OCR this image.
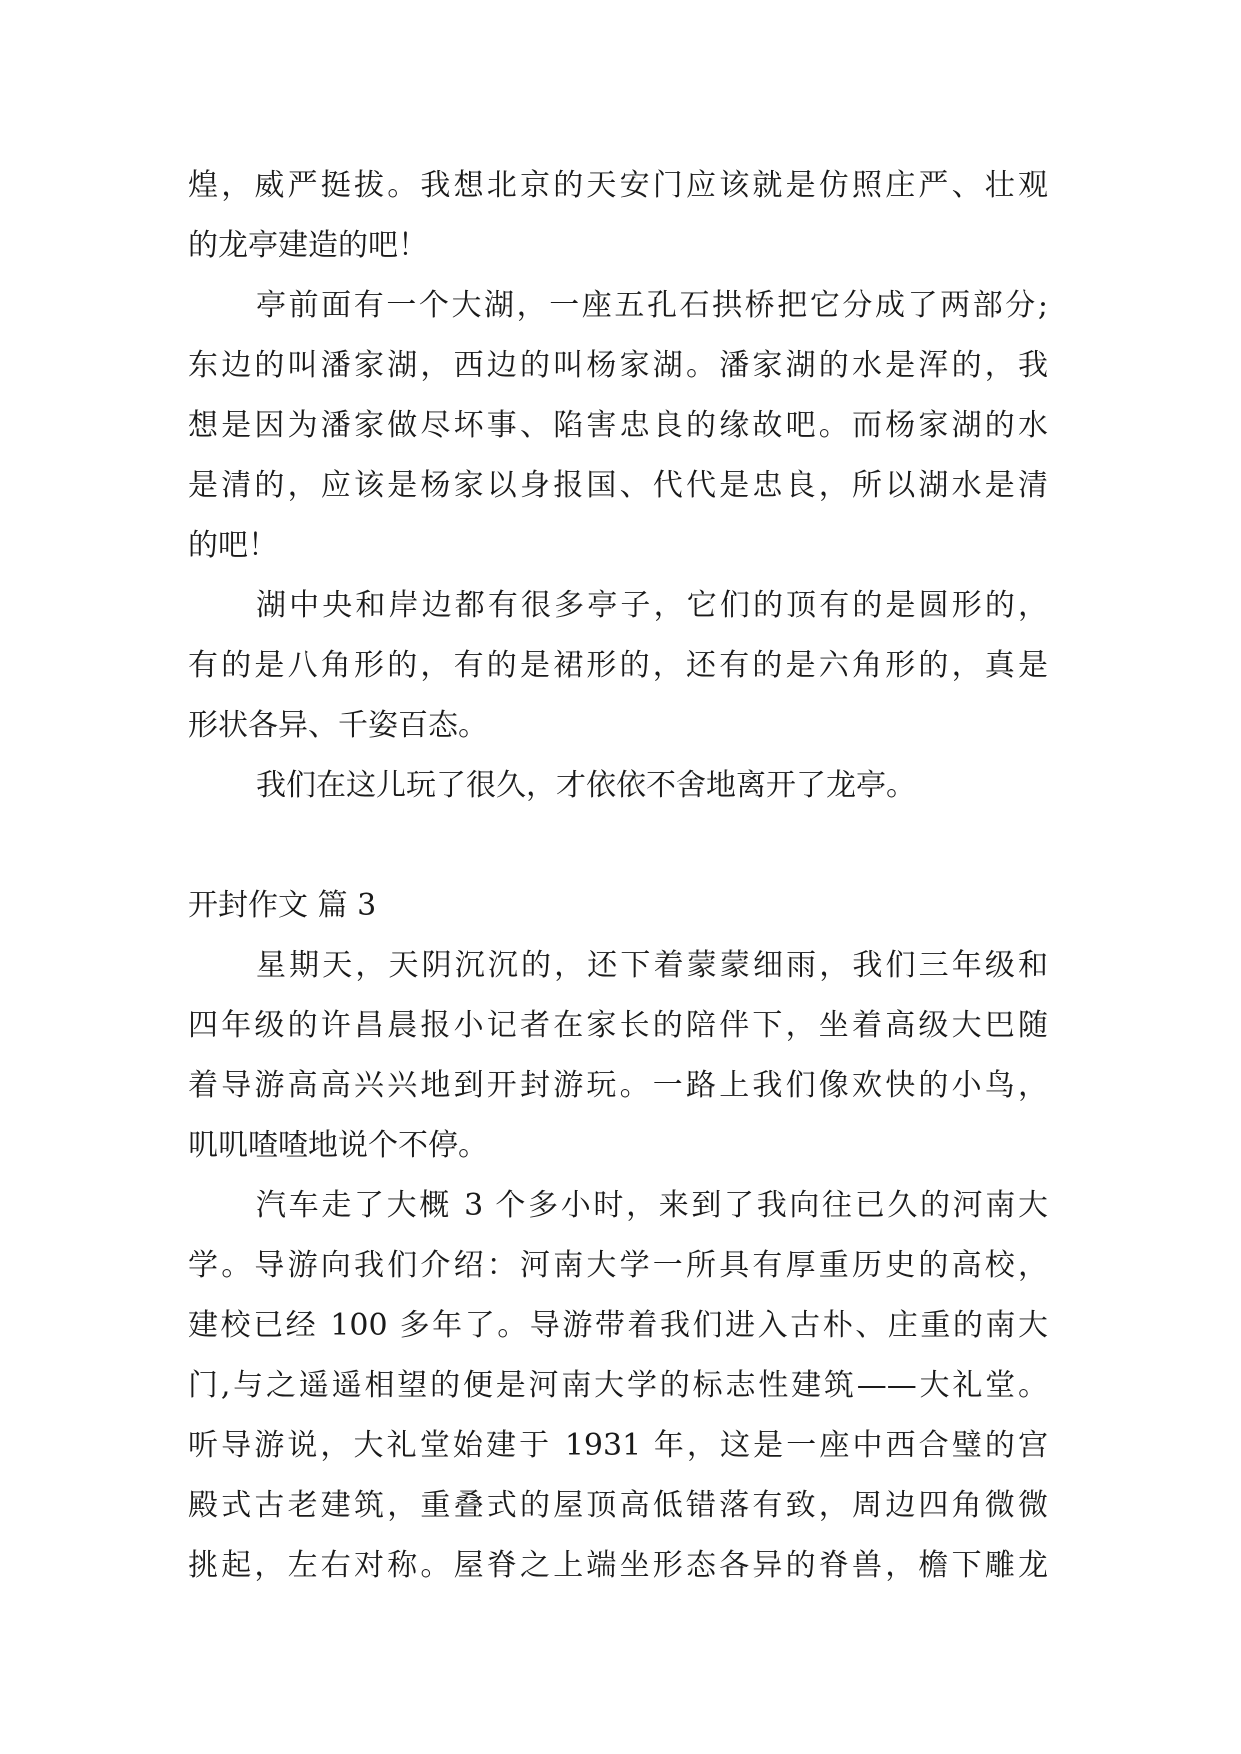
煌，威严挺拔。我想北京的天安门应该就是仿照庄严、壮观
的龙亭建造的吧！
亭前面有一个大湖，一座五孔石拱桥把它分成了两部分;
东边的叫潘家湖，西边的叫杨家湖。潘家湖的水是浑的，我
想是因为潘家做尽坏事、陷害忠良的缘故吧。而杨家湖的水
是清的，应该是杨家以身报国、代代是忠良，所以湖水是清
的吧！
湖中央和岸边都有很多亭子，它们的顶有的是圆形的，
有的是八角形的，有的是裙形的，还有的是六角形的，真是
形状各异、千姿百态。
我们在这儿玩了很久，才依依不舍地离开了龙亭。
开封作文 篇 3
星期天，天阴沉沉的，还下着蒙蒙细雨，我们三年级和
四年级的许昌晨报小记者在家长的陪伴下，坐着高级大巴随
着导游高高兴兴地到开封游玩。一路上我们像欢快的小鸟，
叽叽喳喳地说个不停。
汽车走了大概 3 个多小时，来到了我向往已久的河南大
学。导游向我们介绍：河南大学一所具有厚重历史的高校，
建校已经 100 多年了。导游带着我们进入古朴、庄重的南大
门,与之遥遥相望的便是河南大学的标志性建筑——大礼堂。
听导游说，大礼堂始建于 1931 年，这是一座中西合璧的宫
殿式古老建筑，重叠式的屋顶高低错落有致，周边四角微微
挑起，左右对称。屋脊之上端坐形态各异的脊兽，檐下雕龙
